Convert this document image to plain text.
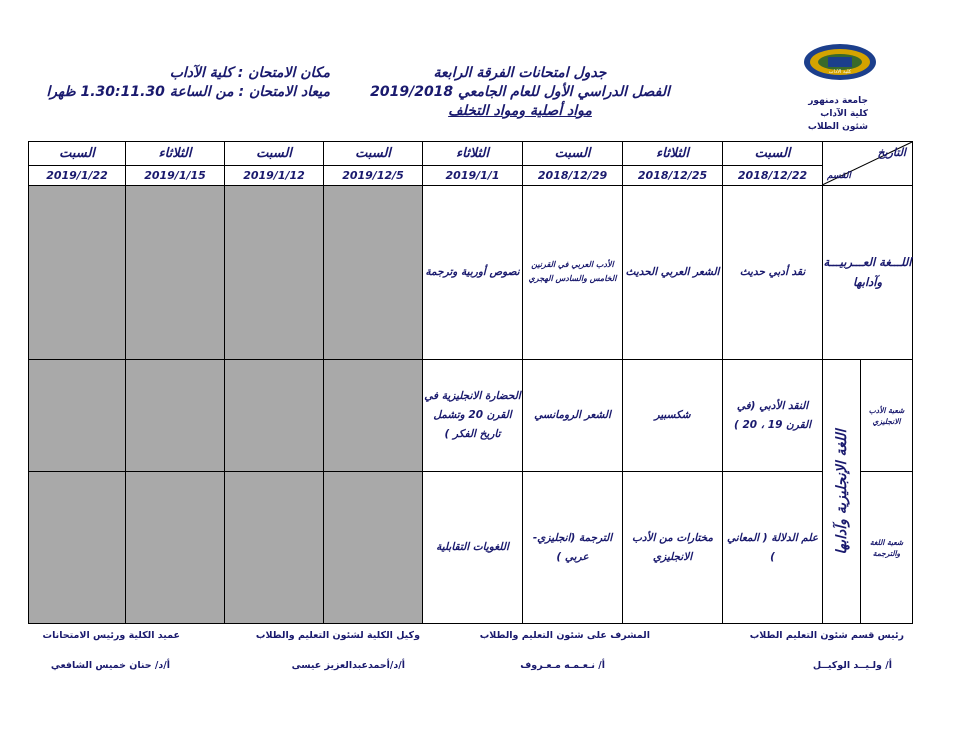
كلية الآداب
جامعة دمنهور
كلية الآداب
شئون الطلاب
جدول امتحانات الفرقة الرابعة
الفصل الدراسي الأول للعام الجامعي 2019/2018
مواد أصلية ومواد التخلف
مكان الامتحان : كلية الآداب
ميعاد الامتحان : من الساعة 1.30:11.30 ظهرا
التاريخ
القسم		السبت	الثلاثاء	السبت	الثلاثاء	السبت	السبت	الثلاثاء	السبت
		2018/12/22	2018/12/25	2018/12/29	2019/1/1	2019/12/5	2019/1/12	2019/1/15	2019/1/22
اللـــغة العـــربيـــة وآدابها		نقد أدبي حديث	الشعر العربي الحديث	الأدب العربي في القرنين الخامس والسادس الهجري	نصوص أوربية وترجمة				
شعبة الأدب الانجليزي	اللغة الإنجليزية وآدابها	النقد الأدبي (في القرن 19 ، 20 )	شكسبير	الشعر الرومانسي	الحضارة الانجليزية في القرن 20 وتشمل تاريخ الفكر )				
شعبة اللغة والترجمة		علم الدلالة ( المعاني )	مختارات من الأدب الانجليزي	الترجمة (انجليزي- عربي )	اللغويات التقابلية				
رئيس قسم شئون التعليم الطلاب
أ/ ولـيــد الوكيــل
المشرف على شئون التعليم والطلاب
أ/ نـعـمـه مـعـروف
وكيل الكلية لشئون التعليم والطلاب
أ/د/أحمدعبدالعزيز عيسى
عميد الكلية ورئيس الامتحانات
أ/د/ حنان خميس الشافعي
